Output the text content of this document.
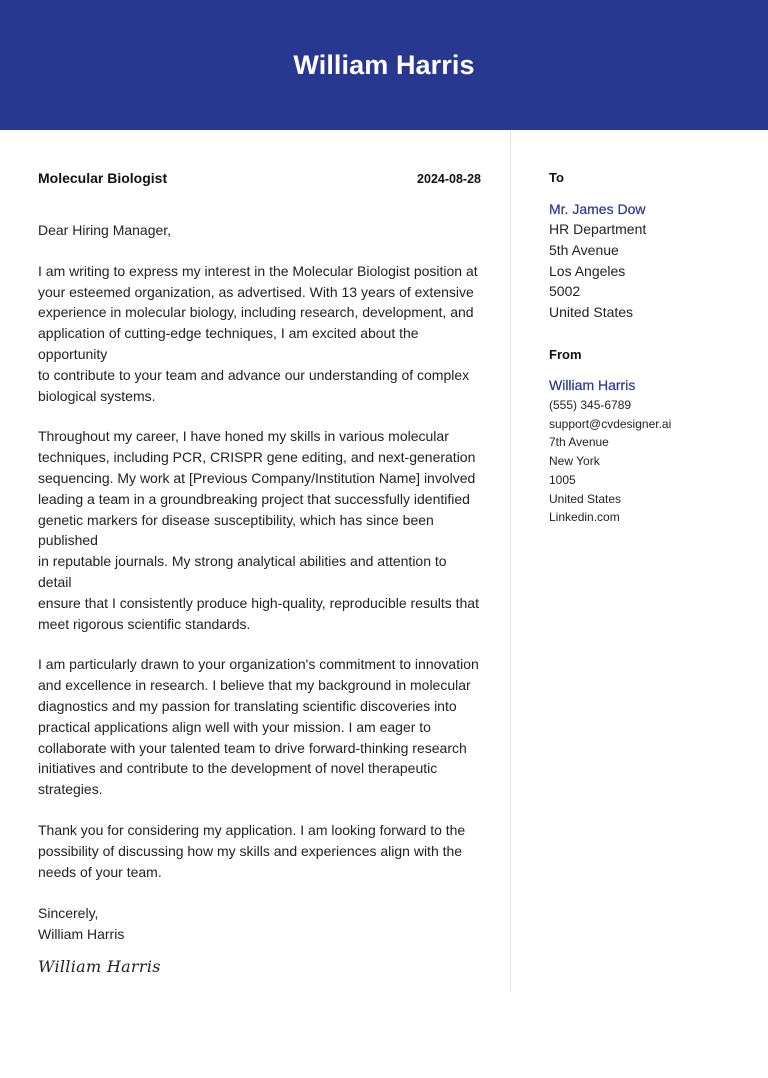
William Harris
Molecular Biologist	2024-08-28
Dear Hiring Manager,
I am writing to express my interest in the Molecular Biologist position at
your esteemed organization, as advertised. With 13 years of extensive
experience in molecular biology, including research, development, and
application of cutting-edge techniques, I am excited about the opportunity
to contribute to your team and advance our understanding of complex
biological systems.
Throughout my career, I have honed my skills in various molecular
techniques, including PCR, CRISPR gene editing, and next-generation
sequencing. My work at [Previous Company/Institution Name] involved
leading a team in a groundbreaking project that successfully identified
genetic markers for disease susceptibility, which has since been published
in reputable journals. My strong analytical abilities and attention to detail
ensure that I consistently produce high-quality, reproducible results that
meet rigorous scientific standards.
I am particularly drawn to your organization's commitment to innovation
and excellence in research. I believe that my background in molecular
diagnostics and my passion for translating scientific discoveries into
practical applications align well with your mission. I am eager to
collaborate with your talented team to drive forward-thinking research
initiatives and contribute to the development of novel therapeutic
strategies.
Thank you for considering my application. I am looking forward to the
possibility of discussing how my skills and experiences align with the
needs of your team.
Sincerely,
William Harris
William Harris
To
Mr. James Dow
HR Department
5th Avenue
Los Angeles
5002
United States
From
William Harris
(555) 345-6789
support@cvdesigner.ai
7th Avenue
New York
1005
United States
Linkedin.com
